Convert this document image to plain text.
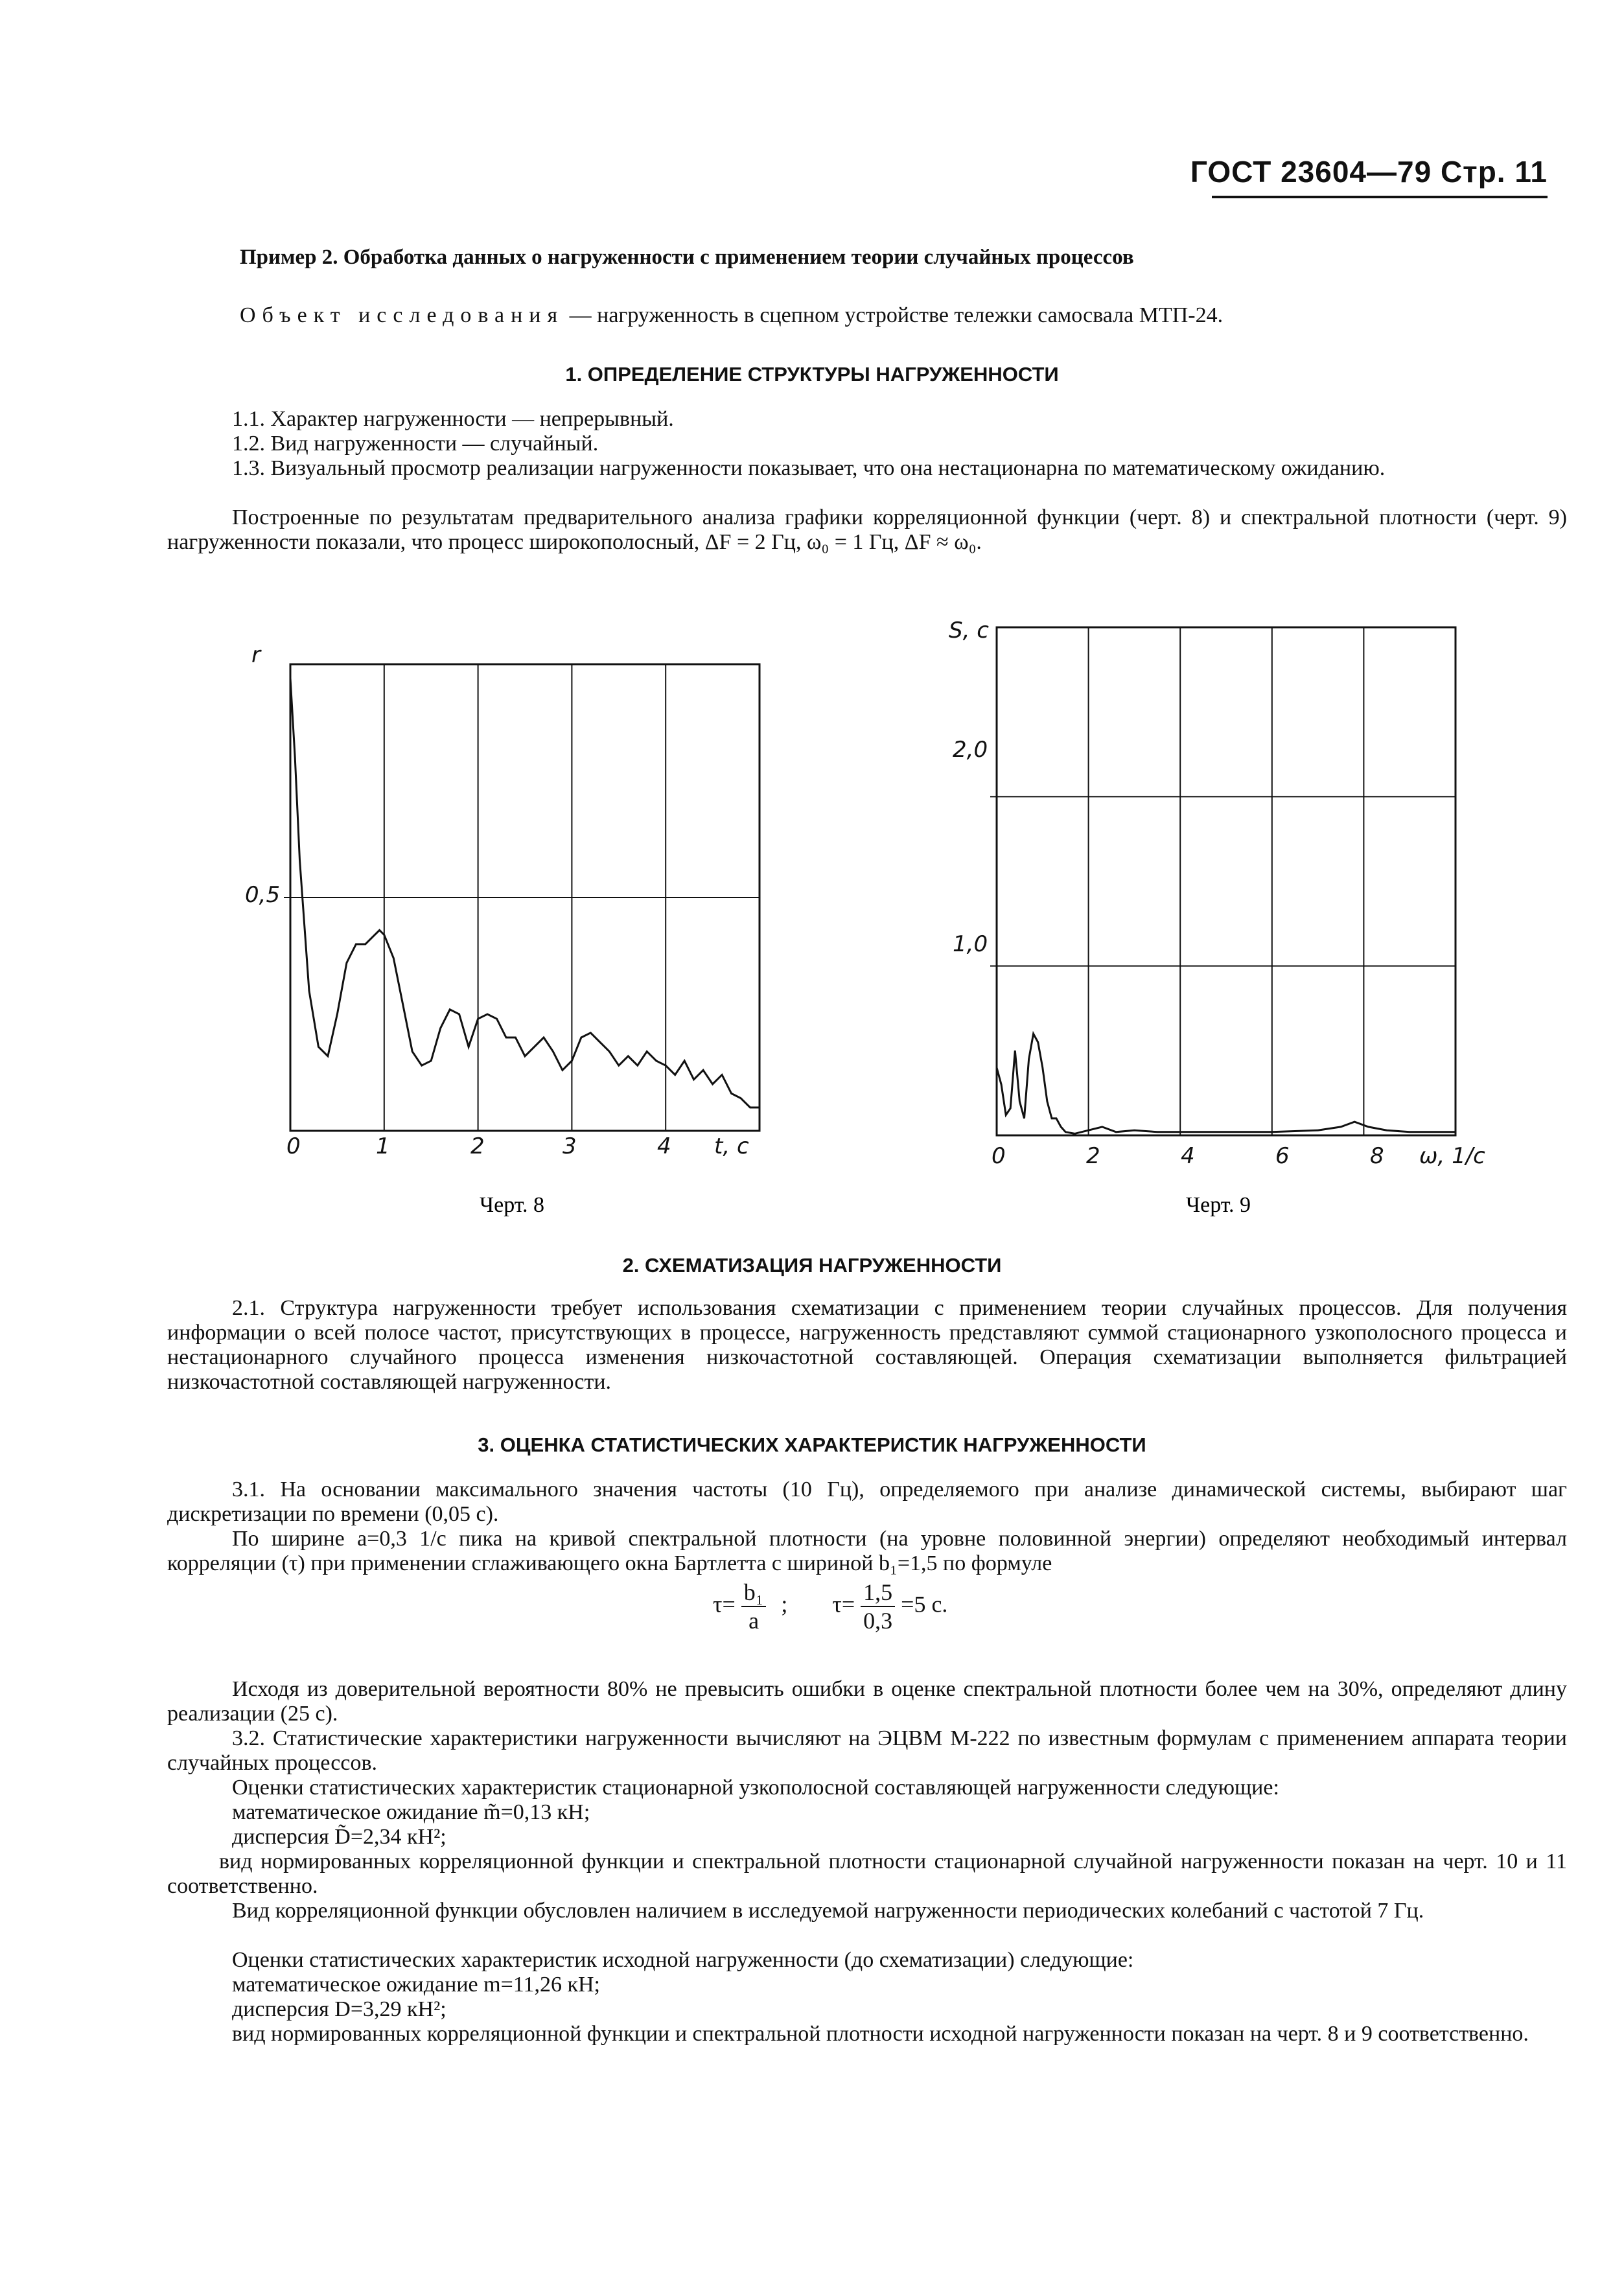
ГОСТ 23604—79 Стр. 11

Пример 2. Обработка данных о нагруженности с применением теории случайных процессов

Объект исследования — нагруженность в сцепном устройстве тележки самосвала МТП-24.

1. ОПРЕДЕЛЕНИЕ СТРУКТУРЫ НАГРУЖЕННОСТИ

1.1. Характер нагруженности — непрерывный.

1.2. Вид нагруженности — случайный.

1.3. Визуальный просмотр реализации нагруженности показывает, что она нестационарна по математическому ожиданию.

Построенные по результатам предварительного анализа графики корреляционной функции (черт. 8) и спектральной плотности (черт. 9) нагруженности показали, что процесс широкополосный, ΔF = 2 Гц, ω₀ = 1 Гц, ΔF ≈ ω₀.

r
0,5
0	1	2	3	4 t, c
Черт. 8
S, c
2,0
1,0
0	2	4	6	8 ω, 1/c
Черт. 9
2. СХЕМАТИЗАЦИЯ НАГРУЖЕННОСТИ

2.1. Структура нагруженности требует использования схематизации с применением теории случайных процессов. Для получения информации о всей полосе частот, присутствующих в процессе, нагруженность представляют суммой стационарного узкополосного процесса и нестационарного случайного процесса изменения низкочастотной составляющей. Операция схематизации выполняется фильтрацией низкочастотной составляющей нагруженности.

3. ОЦЕНКА СТАТИСТИЧЕСКИХ ХАРАКТЕРИСТИК НАГРУЖЕННОСТИ

3.1. На основании максимального значения частоты (10 Гц), определяемого при анализе динамической системы, выбирают шаг дискретизации по времени (0,05 с).

По ширине a=0,3 1/c пика на кривой спектральной плотности (на уровне половинной энергии) определяют необходимый интервал корреляции (τ) при применении сглаживающего окна Бартлетта с шириной b₁=1,5 по формуле

$\tau= \frac{\text{b₁}}{a}$ ; $\tau= \frac{1,5}{0,3} =5$ с.

Исходя из доверительной вероятности 80% не превысить ошибки в оценке спектральной плотности более чем на 30%, определяют длину реализации (25 с).

3.2. Статистические характеристики нагруженности вычисляют на ЭЦВМ М-222 по известным формулам с применением аппарата теории случайных процессов.

Оценки статистических характеристик стационарной узкополосной составляющей нагруженности следующие:

математическое ожидание m̃=0,13 кН;

дисперсия D̃=2,34 кН²;

вид нормированных корреляционной функции и спектральной плотности стационарной случайной нагруженности показан на черт. 10 и 11 соответственно.

Вид корреляционной функции обусловлен наличием в исследуемой нагруженности периодических колебаний с частотой 7 Гц.

Оценки статистических характеристик исходной нагруженности (до схематизации) следующие:

математическое ожидание m=11,26 кН;

дисперсия D=3,29 кН²;

вид нормированных корреляционной функции и спектральной плотности исходной нагруженности показан на черт. 8 и 9 соответственно.
